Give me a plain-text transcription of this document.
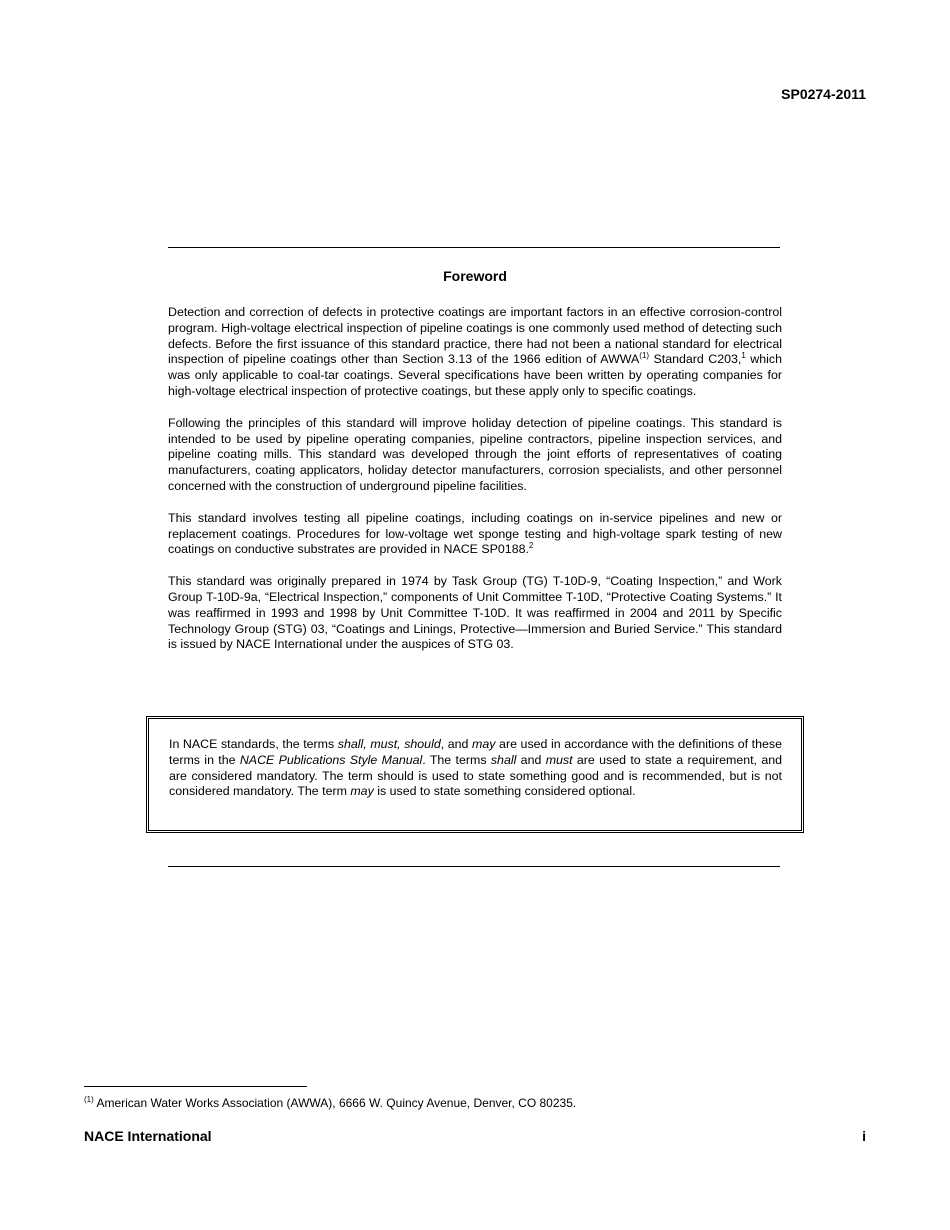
SP0274-2011
Foreword

Detection and correction of defects in protective coatings are important factors in an effective corrosion-control program. High-voltage electrical inspection of pipeline coatings is one commonly used method of detecting such defects. Before the first issuance of this standard practice, there had not been a national standard for electrical inspection of pipeline coatings other than Section 3.13 of the 1966 edition of AWWA$^{(1)}$ Standard C203,$^1$ which was only applicable to coal-tar coatings. Several specifications have been written by operating companies for high-voltage electrical inspection of protective coatings, but these apply only to specific coatings.

Following the principles of this standard will improve holiday detection of pipeline coatings. This standard is intended to be used by pipeline operating companies, pipeline contractors, pipeline inspection services, and pipeline coating mills. This standard was developed through the joint efforts of representatives of coating manufacturers, coating applicators, holiday detector manufacturers, corrosion specialists, and other personnel concerned with the construction of underground pipeline facilities.

This standard involves testing all pipeline coatings, including coatings on in-service pipelines and new or replacement coatings. Procedures for low-voltage wet sponge testing and high-voltage spark testing of new coatings on conductive substrates are provided in NACE SP0188.$^2$

This standard was originally prepared in 1974 by Task Group (TG) T-10D-9, “Coating Inspection,” and Work Group T-10D-9a, “Electrical Inspection,” components of Unit Committee T-10D, “Protective Coating Systems.” It was reaffirmed in 1993 and 1998 by Unit Committee T-10D. It was reaffirmed in 2004 and 2011 by Specific Technology Group (STG) 03, “Coatings and Linings, Protective—Immersion and Buried Service.” This standard is issued by NACE International under the auspices of STG 03.

In NACE standards, the terms shall, must, should, and may are used in accordance with the definitions of these terms in the NACE Publications Style Manual. The terms shall and must are used to state a requirement, and are considered mandatory. The term should is used to state something good and is recommended, but is not considered mandatory. The term may is used to state something considered optional.
$^{(1)}$ American Water Works Association (AWWA), 6666 W. Quincy Avenue, Denver, CO 80235.
NACE International	i
